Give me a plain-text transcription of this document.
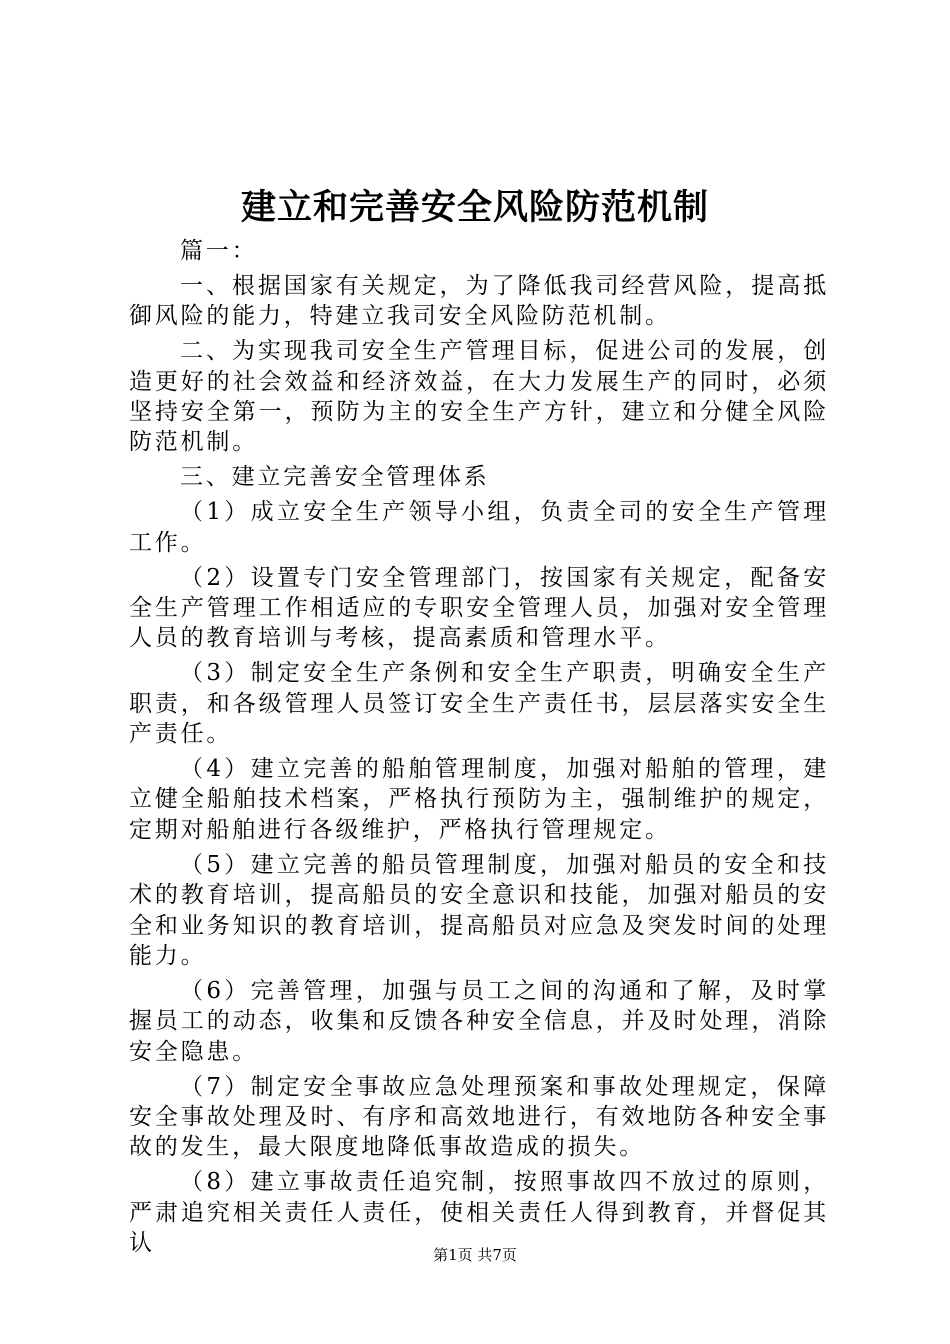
建立和完善安全风险防范机制

篇一：

一、根据国家有关规定，为了降低我司经营风险，提高抵御风险的能力，特建立我司安全风险防范机制。

二、为实现我司安全生产管理目标，促进公司的发展，创造更好的社会效益和经济效益，在大力发展生产的同时，必须坚持安全第一，预防为主的安全生产方针，建立和分健全风险防范机制。

三、建立完善安全管理体系

（1）成立安全生产领导小组，负责全司的安全生产管理工作。

（2）设置专门安全管理部门，按国家有关规定，配备安全生产管理工作相适应的专职安全管理人员，加强对安全管理人员的教育培训与考核，提高素质和管理水平。

（3）制定安全生产条例和安全生产职责，明确安全生产职责，和各级管理人员签订安全生产责任书，层层落实安全生产责任。

（4）建立完善的船舶管理制度，加强对船舶的管理，建立健全船舶技术档案，严格执行预防为主，强制维护的规定，定期对船舶进行各级维护，严格执行管理规定。

（5）建立完善的船员管理制度，加强对船员的安全和技术的教育培训，提高船员的安全意识和技能，加强对船员的安全和业务知识的教育培训，提高船员对应急及突发时间的处理能力。

（6）完善管理，加强与员工之间的沟通和了解，及时掌握员工的动态，收集和反馈各种安全信息，并及时处理，消除安全隐患。

（7）制定安全事故应急处理预案和事故处理规定，保障安全事故处理及时、有序和高效地进行，有效地防各种安全事故的发生，最大限度地降低事故造成的损失。

（8）建立事故责任追究制，按照事故四不放过的原则，严肃追究相关责任人责任，使相关责任人得到教育，并督促其认	第1页 共7页
